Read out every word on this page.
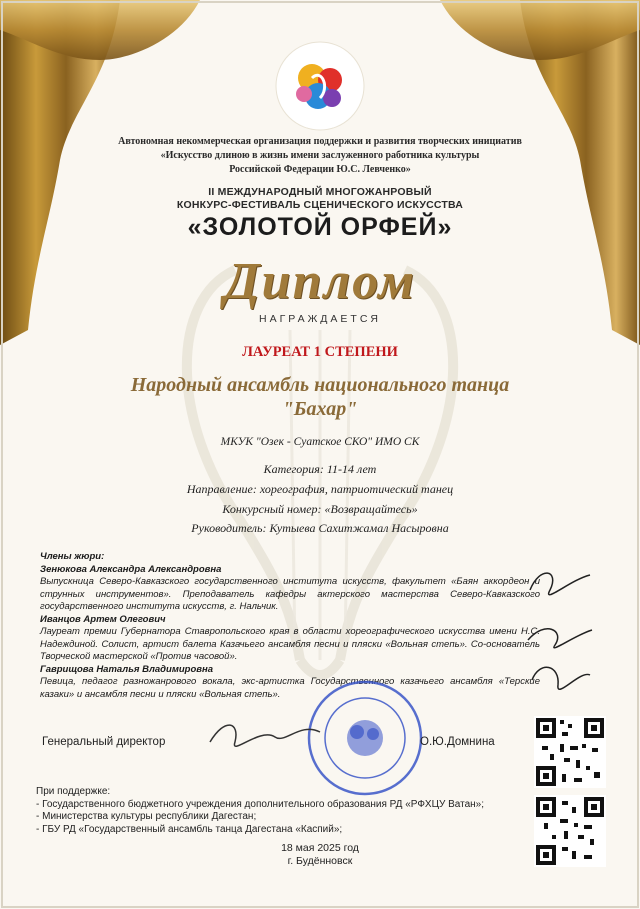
Автономная некоммерческая организация поддержки и развития творческих инициатив
«Искусство длиною в жизнь имени заслуженного работника культуры
Российской Федерации Ю.С. Левченко»
II МЕЖДУНАРОДНЫЙ МНОГОЖАНРОВЫЙ
КОНКУРС-ФЕСТИВАЛЬ СЦЕНИЧЕСКОГО ИСКУССТВА
«ЗОЛОТОЙ ОРФЕЙ»
Диплом
НАГРАЖДАЕТСЯ
ЛАУРЕАТ 1 СТЕПЕНИ
Народный ансамбль национального танца
"Бахар"
МКУК "Озек - Суатское СКО" ИМО СК
Категория: 11-14 лет
Направление: хореография, патриотический танец
Конкурсный номер: «Возвращайтесь»
Руководитель: Кутыева Сахитжамал Насыровна
Члены жюри:
Зенюкова Александра Александровна
Выпускница Северо-Кавказского государственного института искусств, факультет «Баян аккордеон и струнных инструментов». Преподаватель кафедры актерского мастерства Северо-Кавказского государственного института искусств, г. Нальчик.
Иванцов Артем Олегович
Лауреат премии Губернатора Ставропольского края в области хореографического искусства имени Н.С. Надеждиной. Солист, артист балета Казачьего ансамбля песни и пляски «Вольная степь». Со-основатель Творческой мастерской «Против часовой».
Гаврищова Наталья Владимировна
Певица, педагог разножанрового вокала, экс-артистка Государственного казачьего ансамбля «Терские казаки» и ансамбля песни и пляски «Вольная степь».
Генеральный директор	О.Ю.Домнина
При поддержке:
- Государственного бюджетного учреждения дополнительного образования РД «РФХЦУ Ватан»;
- Министерства культуры республики Дагестан;
- ГБУ РД «Государственный ансамбль танца Дагестана «Каспий»;
18 мая 2025 год
г. Будённовск
